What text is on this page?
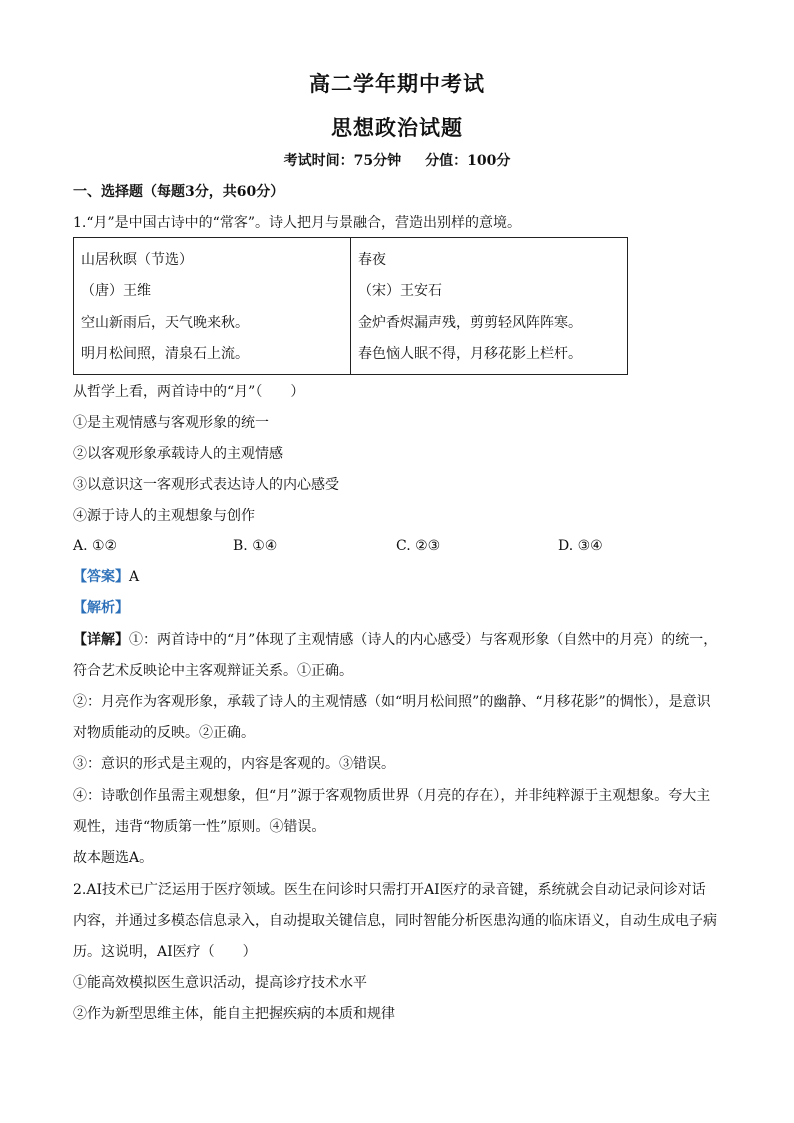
高二学年期中考试
思想政治试题
考试时间：75分钟 分值：100分
一、选择题（每题3分，共60分）
1.“月”是中国古诗中的“常客”。诗人把月与景融合，营造出别样的意境。
山居秋暝（节选）
（唐）王维
空山新雨后，天气晚来秋。
明月松间照，清泉石上流。

春夜
（宋）王安石
金炉香烬漏声残，剪剪轻风阵阵寒。
春色恼人眠不得，月移花影上栏杆。
从哲学上看，两首诗中的“月”（　　）
①是主观情感与客观形象的统一
②以客观形象承载诗人的主观情感
③以意识这一客观形式表达诗人的内心感受
④源于诗人的主观想象与创作
A. ①②	B. ①④	C. ②③	D. ③④
【答案】A
【解析】
【详解】①：两首诗中的“月”体现了主观情感（诗人的内心感受）与客观形象（自然中的月亮）的统一，
符合艺术反映论中主客观辩证关系。①正确。
②：月亮作为客观形象，承载了诗人的主观情感（如“明月松间照”的幽静、“月移花影”的惆怅），是意识
对物质能动的反映。②正确。
③：意识的形式是主观的，内容是客观的。③错误。
④：诗歌创作虽需主观想象，但“月”源于客观物质世界（月亮的存在），并非纯粹源于主观想象。夸大主
观性，违背“物质第一性”原则。④错误。
故本题选A。
2.AI技术已广泛运用于医疗领域。医生在问诊时只需打开AI医疗的录音键，系统就会自动记录问诊对话
内容，并通过多模态信息录入，自动提取关键信息，同时智能分析医患沟通的临床语义，自动生成电子病
历。这说明，AI医疗（　　）
①能高效模拟医生意识活动，提高诊疗技术水平
②作为新型思维主体，能自主把握疾病的本质和规律
